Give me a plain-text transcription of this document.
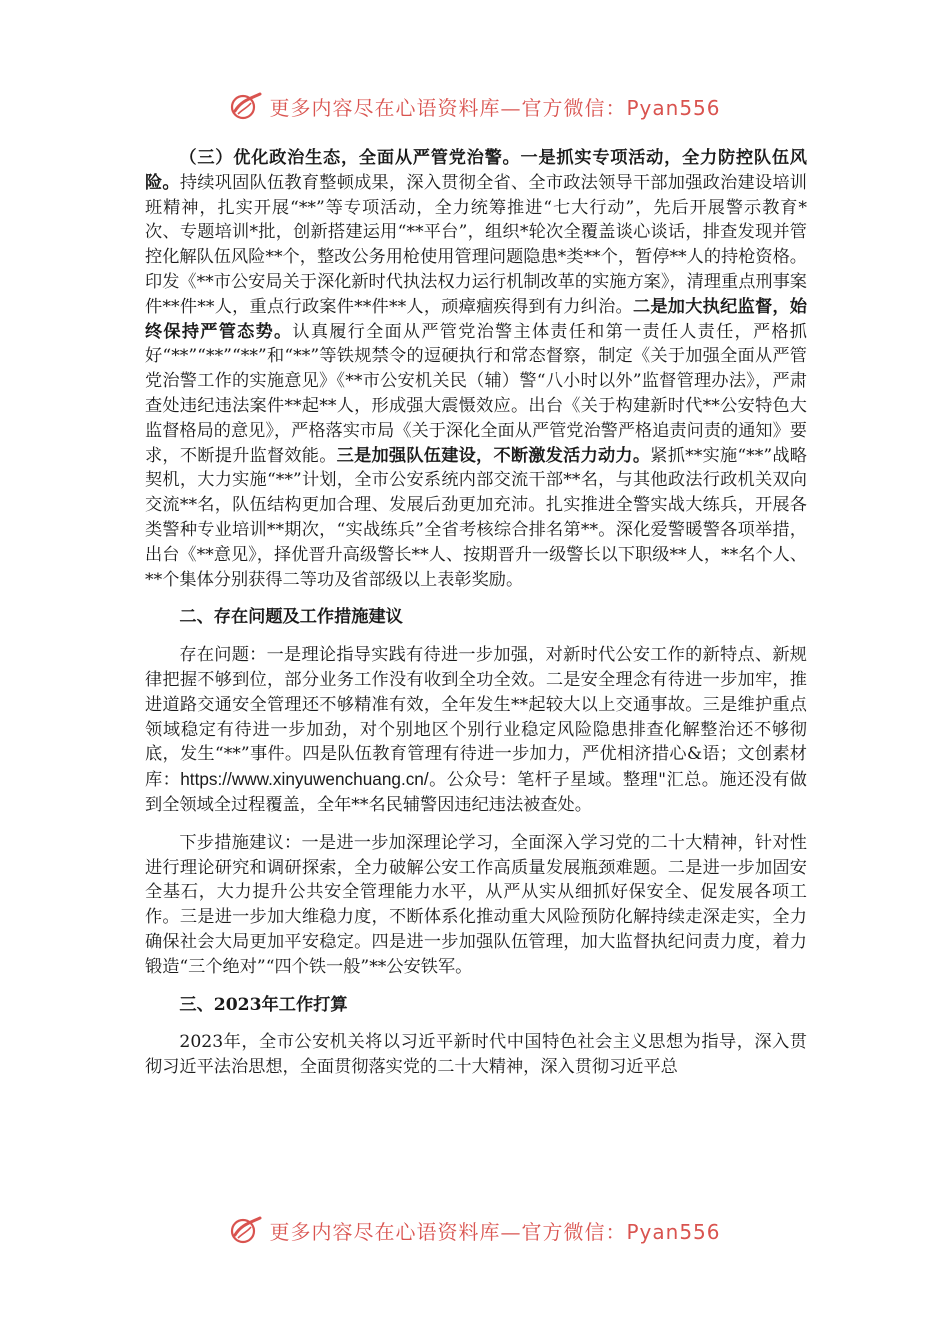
更多内容尽在心语资料库—官方微信：Pyan556

（三）优化政治生态，全面从严管党治警。一是抓实专项活动，全力防控队伍风险。持续巩固队伍教育整顿成果，深入贯彻全省、全市政法领导干部加强政治建设培训班精神，扎实开展“**”等专项活动，全力统筹推进“七大行动”，先后开展警示教育*次、专题培训*批，创新搭建运用“**平台”，组织*轮次全覆盖谈心谈话，排查发现并管控化解队伍风险**个，整改公务用枪使用管理问题隐患*类**个，暂停**人的持枪资格。印发《**市公安局关于深化新时代执法权力运行机制改革的实施方案》，清理重点刑事案件**件**人，重点行政案件**件**人，顽瘴痼疾得到有力纠治。二是加大执纪监督，始终保持严管态势。认真履行全面从严管党治警主体责任和第一责任人责任，严格抓好“**”“**”“**”和“**”等铁规禁令的逗硬执行和常态督察，制定《关于加强全面从严管党治警工作的实施意见》《**市公安机关民（辅）警“八小时以外”监督管理办法》，严肃查处违纪违法案件**起**人，形成强大震慑效应。出台《关于构建新时代**公安特色大监督格局的意见》，严格落实市局《关于深化全面从严管党治警严格追责问责的通知》要求，不断提升监督效能。三是加强队伍建设，不断激发活力动力。紧抓**实施“**”战略契机，大力实施“**”计划，全市公安系统内部交流干部**名，与其他政法行政机关双向交流**名，队伍结构更加合理、发展后劲更加充沛。扎实推进全警实战大练兵，开展各类警种专业培训**期次，“实战练兵”全省考核综合排名第**。深化爱警暖警各项举措，出台《**意见》，择优晋升高级警长**人、按期晋升一级警长以下职级**人，**名个人、**个集体分别获得二等功及省部级以上表彰奖励。

二、存在问题及工作措施建议

存在问题：一是理论指导实践有待进一步加强，对新时代公安工作的新特点、新规律把握不够到位，部分业务工作没有收到全功全效。二是安全理念有待进一步加牢，推进道路交通安全管理还不够精准有效，全年发生**起较大以上交通事故。三是维护重点领域稳定有待进一步加劲，对个别地区个别行业稳定风险隐患排查化解整治还不够彻底，发生“**”事件。四是队伍教育管理有待进一步加力，严优相济措心&语；文创素材库：https://www.xinyuwenchuang.cn/。公众号：笔杆子星域。整理"汇总。施还没有做到全领域全过程覆盖，全年**名民辅警因违纪违法被查处。

下步措施建议：一是进一步加深理论学习，全面深入学习党的二十大精神，针对性进行理论研究和调研探索，全力破解公安工作高质量发展瓶颈难题。二是进一步加固安全基石，大力提升公共安全管理能力水平，从严从实从细抓好保安全、促发展各项工作。三是进一步加大维稳力度，不断体系化推动重大风险预防化解持续走深走实，全力确保社会大局更加平安稳定。四是进一步加强队伍管理，加大监督执纪问责力度，着力锻造“三个绝对”“四个铁一般”**公安铁军。

三、2023年工作打算

2023年，全市公安机关将以习近平新时代中国特色社会主义思想为指导，深入贯彻习近平法治思想，全面贯彻落实党的二十大精神，深入贯彻习近平总

更多内容尽在心语资料库—官方微信：Pyan556
